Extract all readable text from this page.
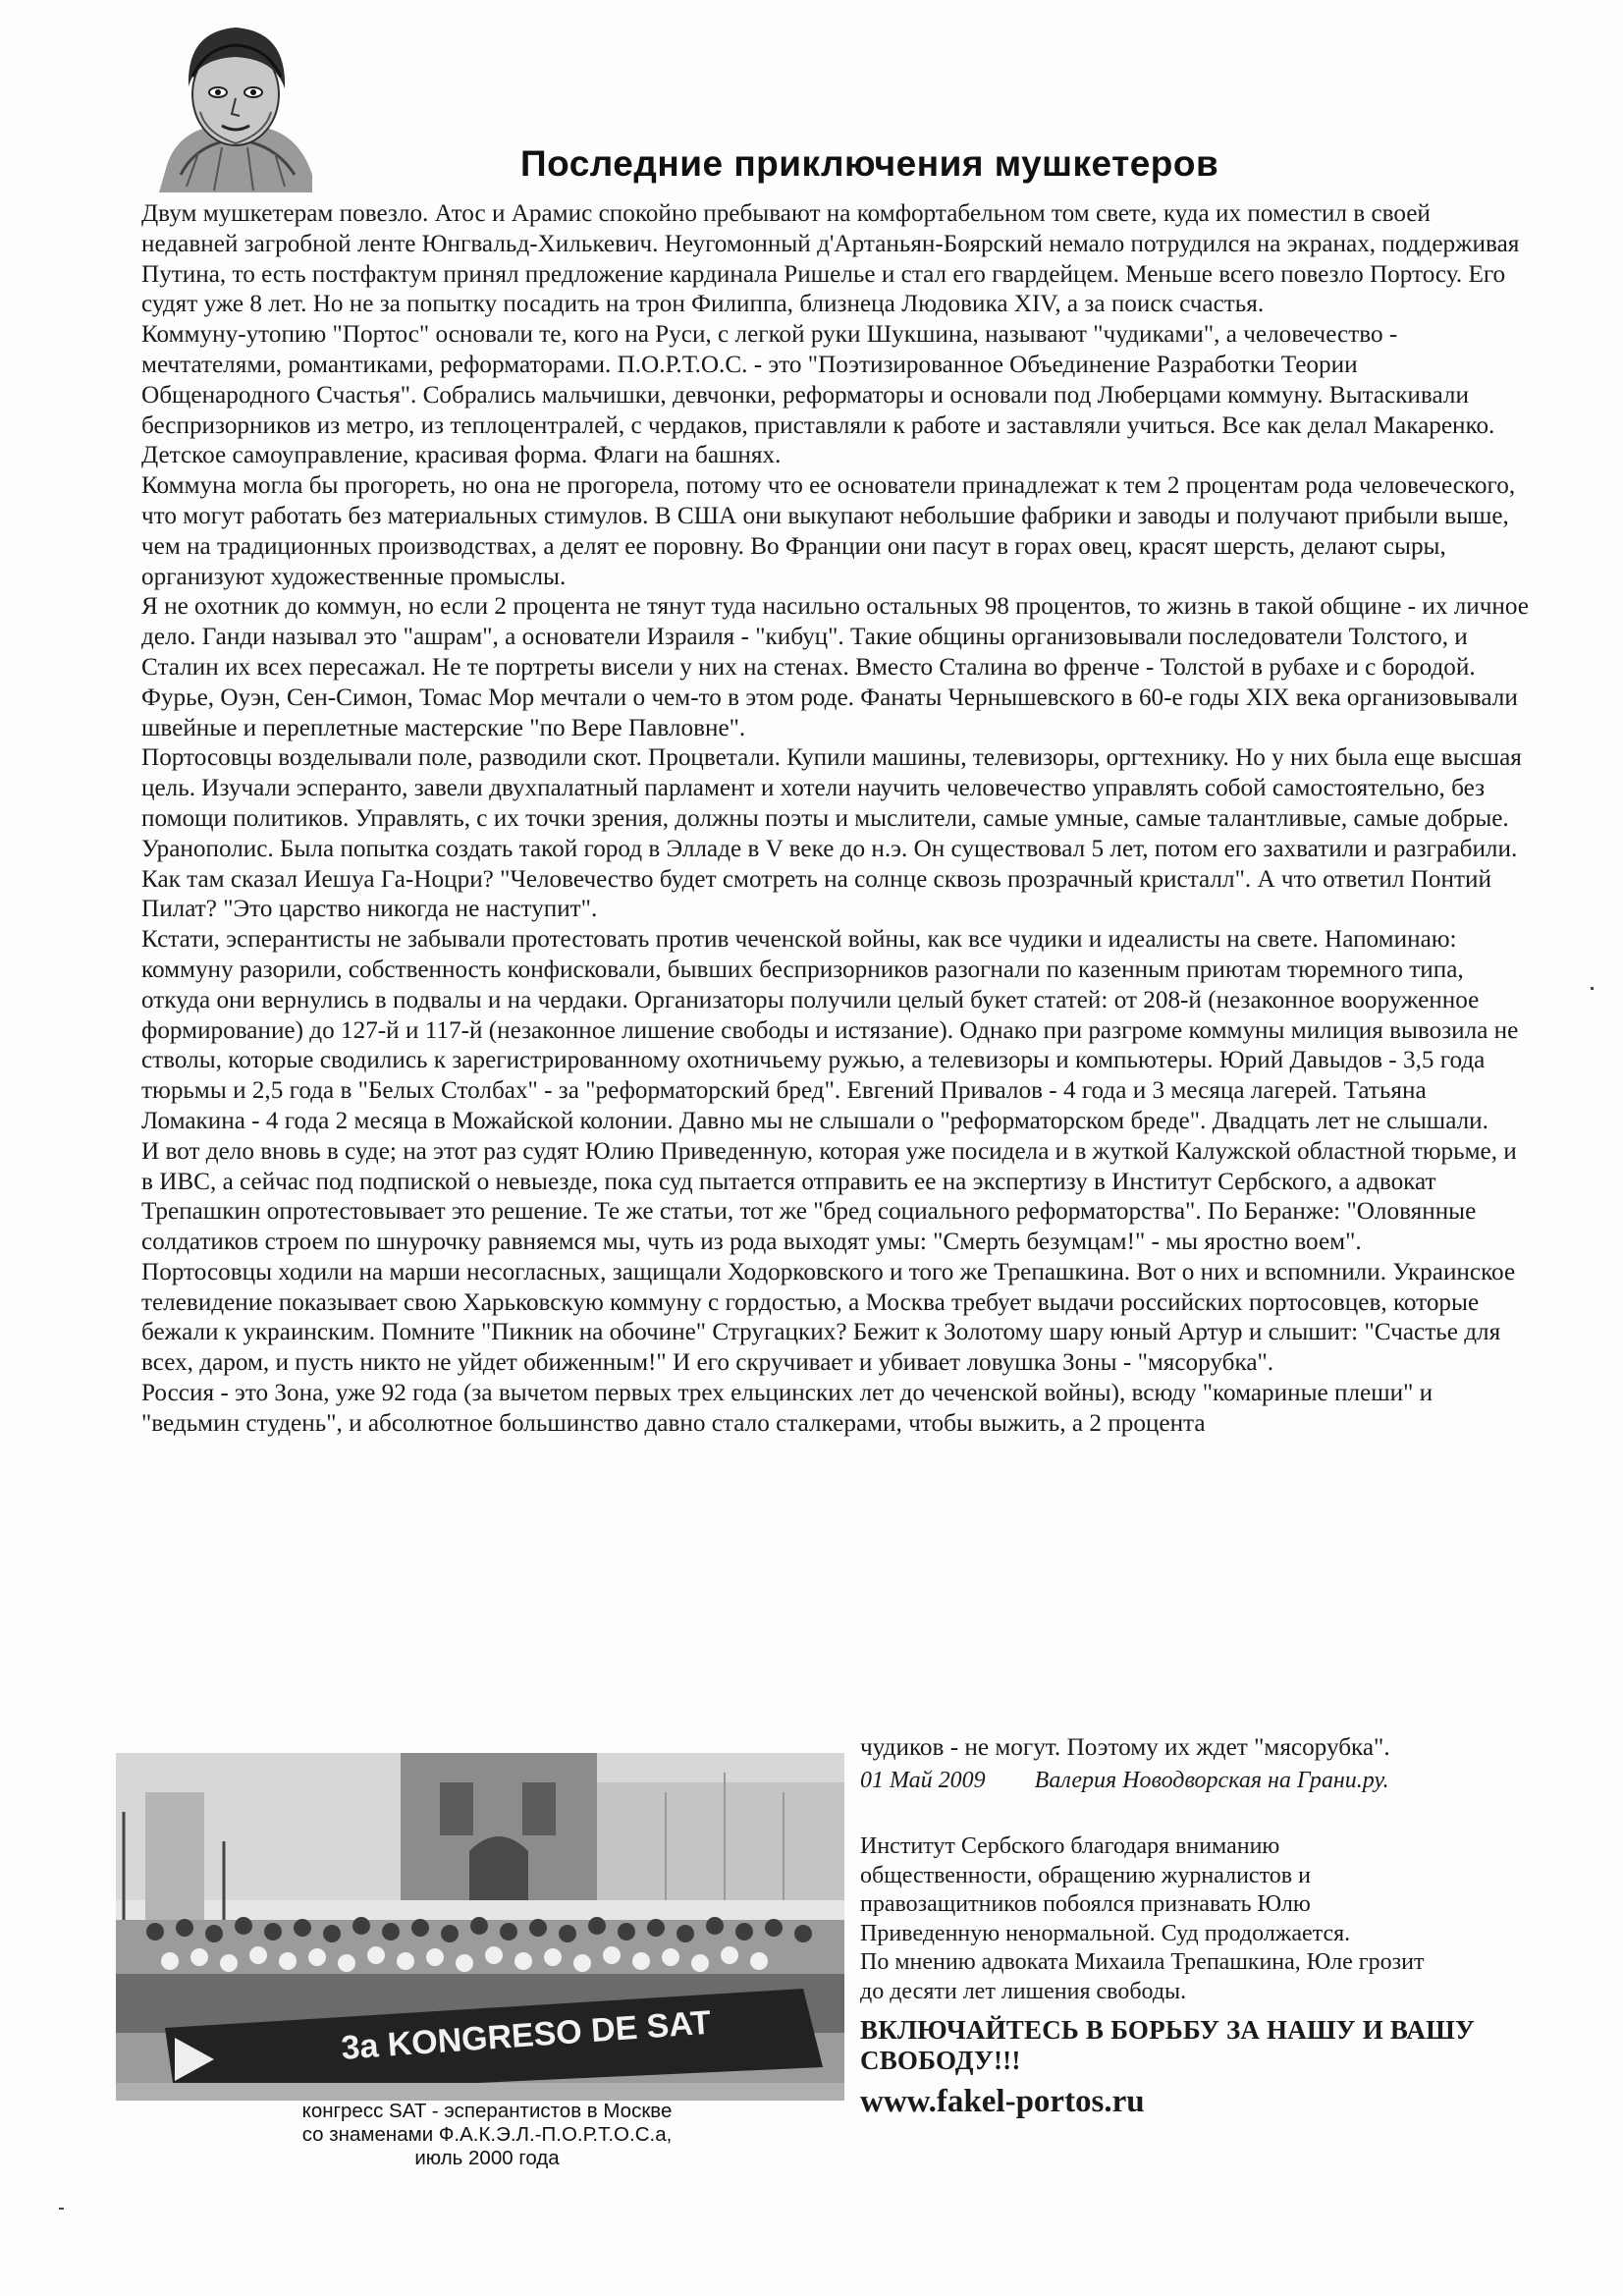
Последние приключения мушкетеров

Двум мушкетерам повезло. Атос и Арамис спокойно пребывают на комфортабельном том свете, куда их поместил в своей недавней загробной ленте Юнгвальд-Хилькевич. Неугомонный д'Артаньян-Боярский немало потрудился на экранах, поддерживая Путина, то есть постфактум принял предложение кардинала Ришелье и стал его гвардейцем. Меньше всего повезло Портосу. Его судят уже 8 лет. Но не за попытку посадить на трон Филиппа, близнеца Людовика XIV, а за поиск счастья.

Коммуну-утопию "Портос" основали те, кого на Руси, с легкой руки Шукшина, называют "чудиками", а человечество - мечтателями, романтиками, реформаторами. П.О.Р.Т.О.С. - это "Поэтизированное Объединение Разработки Теории Общенародного Счастья". Собрались мальчишки, девчонки, реформаторы и основали под Люберцами коммуну. Вытаскивали беспризорников из метро, из теплоцентралей, с чердаков, приставляли к работе и заставляли учиться. Все как делал Макаренко. Детское самоуправление, красивая форма. Флаги на башнях.

Коммуна могла бы прогореть, но она не прогорела, потому что ее основатели принадлежат к тем 2 процентам рода человеческого, что могут работать без материальных стимулов. В США они выкупают небольшие фабрики и заводы и получают прибыли выше, чем на традиционных производствах, а делят ее поровну. Во Франции они пасут в горах овец, красят шерсть, делают сыры, организуют художественные промыслы.

Я не охотник до коммун, но если 2 процента не тянут туда насильно остальных 98 процентов, то жизнь в такой общине - их личное дело. Ганди называл это "ашрам", а основатели Израиля - "кибуц". Такие общины организовывали последователи Толстого, и Сталин их всех пересажал. Не те портреты висели у них на стенах. Вместо Сталина во френче - Толстой в рубахе и с бородой. Фурье, Оуэн, Сен-Симон, Томас Мор мечтали о чем-то в этом роде. Фанаты Чернышевского в 60-е годы XIX века организовывали швейные и переплетные мастерские "по Вере Павловне".

Портосовцы возделывали поле, разводили скот. Процветали. Купили машины, телевизоры, оргтехнику. Но у них была еще высшая цель. Изучали эсперанто, завели двухпалатный парламент и хотели научить человечество управлять собой самостоятельно, без помощи политиков. Управлять, с их точки зрения, должны поэты и мыслители, самые умные, самые талантливые, самые добрые. Уранополис. Была попытка создать такой город в Элладе в V веке до н.э. Он существовал 5 лет, потом его захватили и разграбили. Как там сказал Иешуа Га-Ноцри? "Человечество будет смотреть на солнце сквозь прозрачный кристалл". А что ответил Понтий Пилат? "Это царство никогда не наступит".

Кстати, эсперантисты не забывали протестовать против чеченской войны, как все чудики и идеалисты на свете. Напоминаю: коммуну разорили, собственность конфисковали, бывших беспризорников разогнали по казенным приютам тюремного типа, откуда они вернулись в подвалы и на чердаки. Организаторы получили целый букет статей: от 208-й (незаконное вооруженное формирование) до 127-й и 117-й (незаконное лишение свободы и истязание). Однако при разгроме коммуны милиция вывозила не стволы, которые сводились к зарегистрированному охотничьему ружью, а телевизоры и компьютеры. Юрий Давыдов - 3,5 года тюрьмы и 2,5 года в "Белых Столбах" - за "реформаторский бред". Евгений Привалов - 4 года и 3 месяца лагерей. Татьяна Ломакина - 4 года 2 месяца в Можайской колонии. Давно мы не слышали о "реформаторском бреде". Двадцать лет не слышали.

И вот дело вновь в суде; на этот раз судят Юлию Приведенную, которая уже посидела и в жуткой Калужской областной тюрьме, и в ИВС, а сейчас под подпиской о невыезде, пока суд пытается отправить ее на экспертизу в Институт Сербского, а адвокат Трепашкин опротестовывает это решение. Те же статьи, тот же "бред социального реформаторства". По Беранже: "Оловянные солдатиков строем по шнурочку равняемся мы, чуть из рода выходят умы: "Смерть безумцам!" - мы яростно воем".

Портосовцы ходили на марши несогласных, защищали Ходорковского и того же Трепашкина. Вот о них и вспомнили. Украинское телевидение показывает свою Харьковскую коммуну с гордостью, а Москва требует выдачи российских портосовцев, которые бежали к украинским. Помните "Пикник на обочине" Стругацких? Бежит к Золотому шару юный Артур и слышит: "Счастье для всех, даром, и пусть никто не уйдет обиженным!" И его скручивает и убивает ловушка Зоны - "мясорубка".

Россия - это Зона, уже 92 года (за вычетом первых трех ельцинских лет до чеченской войны), всюду "комариные плеши" и "ведьмин студень", и абсолютное большинство давно стало сталкерами, чтобы выжить, а 2 процента

чудиков - не могут. Поэтому их ждет "мясорубка".

01 Май 2009 Валерия Новодворская на Грани.ру.
3a KONGRESO DE SAT
конгресс SAT - эсперантистов в Москве
со знаменами Ф.А.К.Э.Л.-П.О.Р.Т.О.С.а,
июль 2000 года
Институт Сербского благодаря вниманию
общественности, обращению журналистов и
правозащитников побоялся признавать Юлю
Приведенную ненормальной. Суд продолжается.
По мнению адвоката Михаила Трепашкина, Юле грозит
до десяти лет лишения свободы.
ВКЛЮЧАЙТЕСЬ В БОРЬБУ ЗА НАШУ И ВАШУ СВОБОДУ!!!
www.fakel-portos.ru
